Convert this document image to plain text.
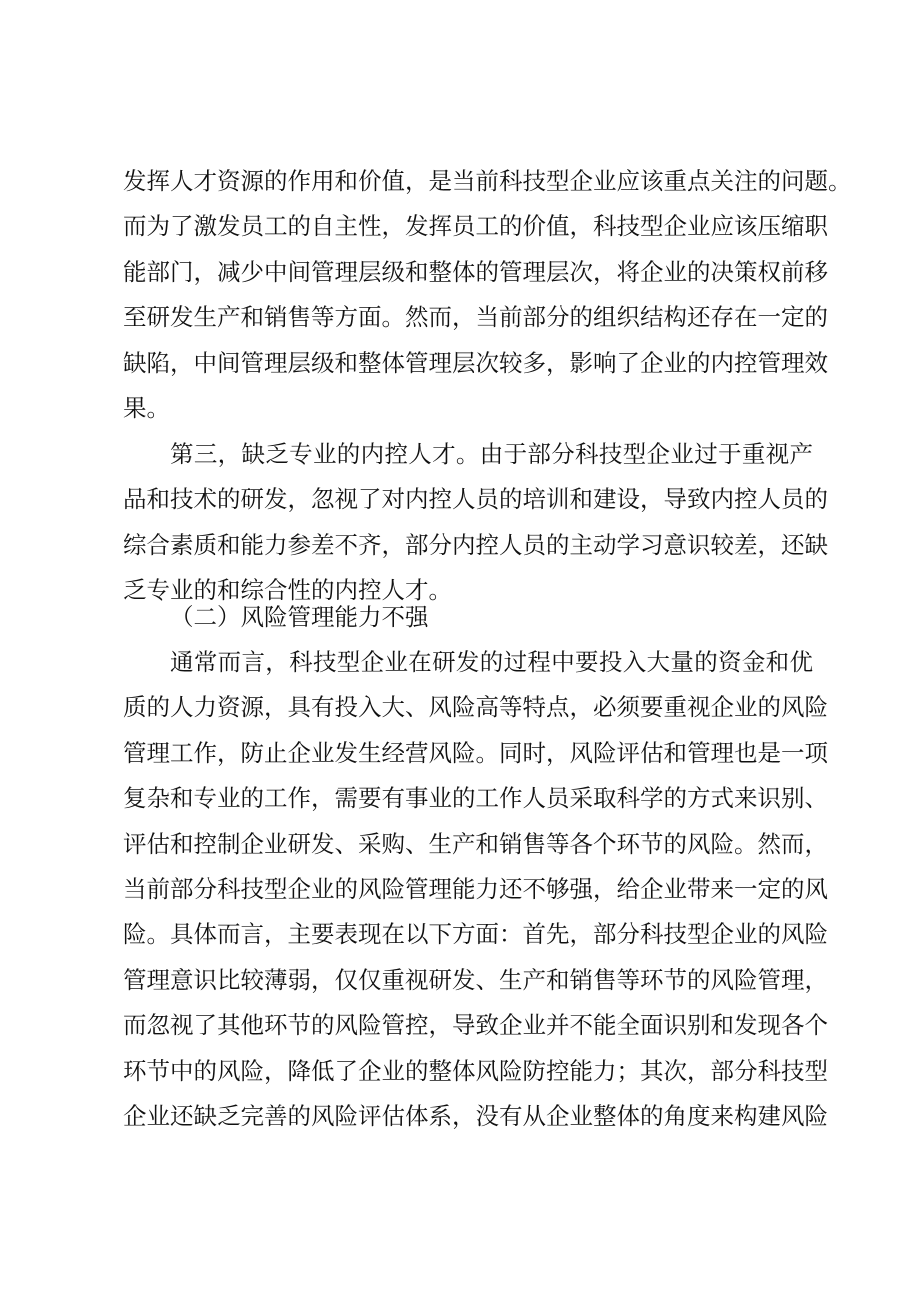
发挥人才资源的作用和价值，是当前科技型企业应该重点关注的问题。
而为了激发员工的自主性，发挥员工的价值，科技型企业应该压缩职
能部门，减少中间管理层级和整体的管理层次，将企业的决策权前移
至研发生产和销售等方面。然而，当前部分的组织结构还存在一定的
缺陷，中间管理层级和整体管理层次较多，影响了企业的内控管理效
果。
第三，缺乏专业的内控人才。由于部分科技型企业过于重视产
品和技术的研发，忽视了对内控人员的培训和建设，导致内控人员的
综合素质和能力参差不齐，部分内控人员的主动学习意识较差，还缺
乏专业的和综合性的内控人才。

（二）风险管理能力不强

通常而言，科技型企业在研发的过程中要投入大量的资金和优
质的人力资源，具有投入大、风险高等特点，必须要重视企业的风险
管理工作，防止企业发生经营风险。同时，风险评估和管理也是一项
复杂和专业的工作，需要有事业的工作人员采取科学的方式来识别、
评估和控制企业研发、采购、生产和销售等各个环节的风险。然而，
当前部分科技型企业的风险管理能力还不够强，给企业带来一定的风
险。具体而言，主要表现在以下方面：首先，部分科技型企业的风险
管理意识比较薄弱，仅仅重视研发、生产和销售等环节的风险管理，
而忽视了其他环节的风险管控，导致企业并不能全面识别和发现各个
环节中的风险，降低了企业的整体风险防控能力；其次，部分科技型
企业还缺乏完善的风险评估体系，没有从企业整体的角度来构建风险
